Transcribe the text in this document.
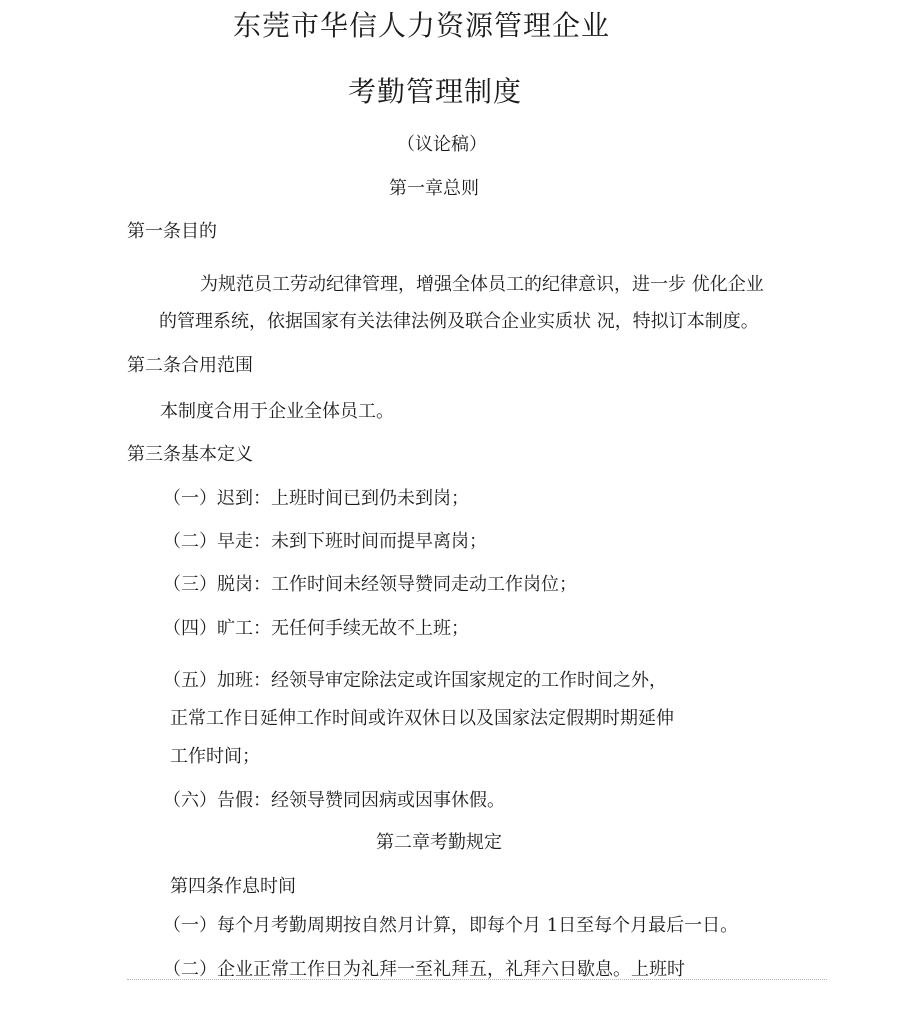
东莞市华信人力资源管理企业
考勤管理制度

（议论稿）

第一章总则

第一条目的

为规范员工劳动纪律管理，增强全体员工的纪律意识，进一步 优化企业

的管理系统，依据国家有关法律法例及联合企业实质状 况，特拟订本制度。

第二条合用范围

本制度合用于企业全体员工。

第三条基本定义

（一）迟到：上班时间已到仍未到岗；

（二）早走：未到下班时间而提早离岗；

（三）脱岗：工作时间未经领导赞同走动工作岗位；

（四）旷工：无任何手续无故不上班；

（五）加班：经领导审定除法定或许国家规定的工作时间之外，

正常工作日延伸工作时间或许双休日以及国家法定假期时期延伸

工作时间；

（六）告假：经领导赞同因病或因事休假。

第二章考勤规定

第四条作息时间

（一）每个月考勤周期按自然月计算，即每个月 1日至每个月最后一日。

（二）企业正常工作日为礼拜一至礼拜五，礼拜六日歇息。上班时
